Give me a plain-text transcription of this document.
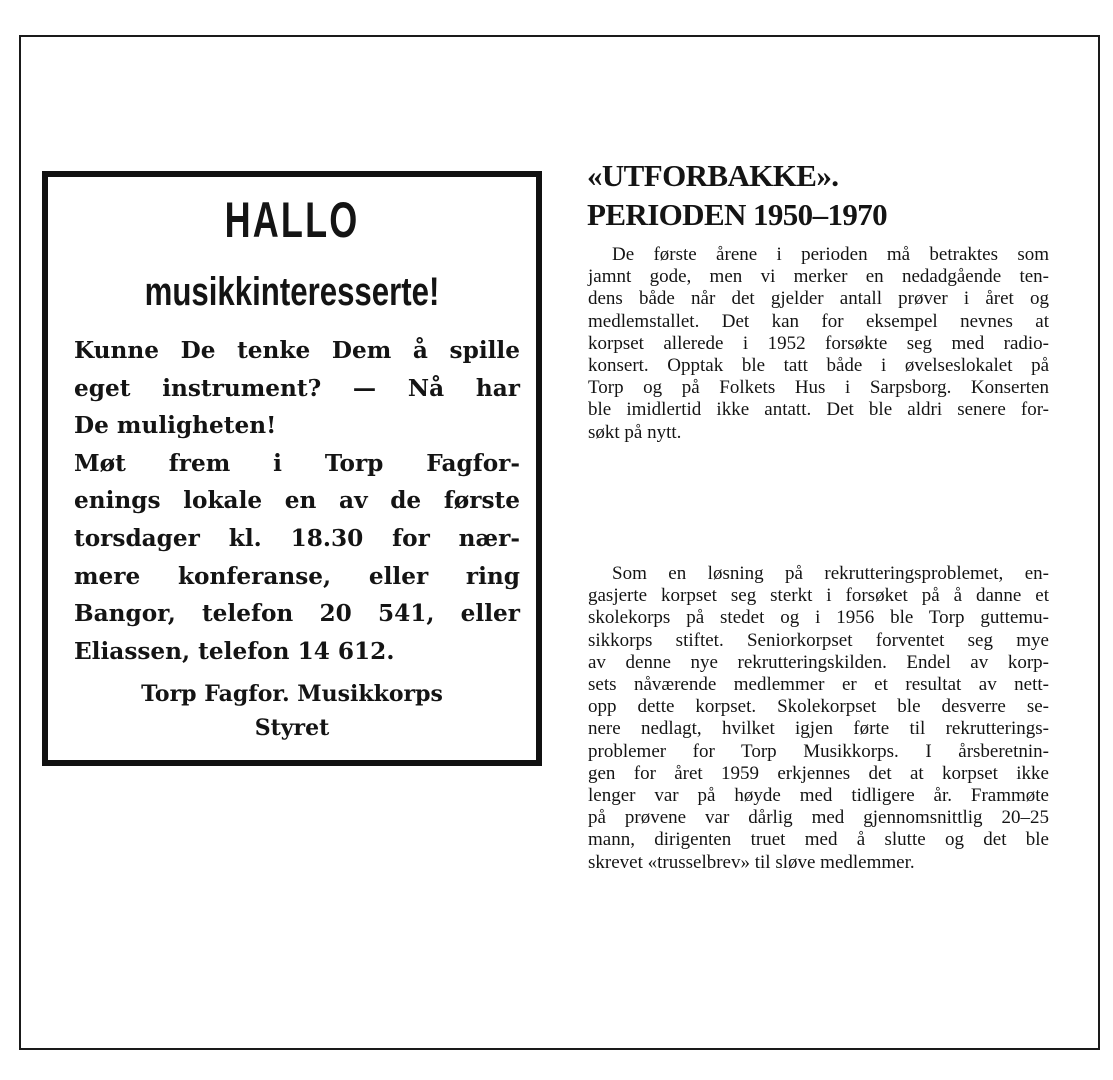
HALLO
musikkinteresserte!
Kunne De tenke Dem å spille
eget instrument? — Nå har
De muligheten!
Møt frem i Torp Fagfor-
enings lokale en av de første
torsdager kl. 18.30 for nær-
mere konferanse, eller ring
Bangor, telefon 20 541, eller
Eliassen, telefon 14 612.
Torp Fagfor. Musikkorps
Styret
«UTFORBAKKE».
PERIODEN 1950–1970
De første årene i perioden må betraktes som
jamnt gode, men vi merker en nedadgående ten-
dens både når det gjelder antall prøver i året og
medlemstallet. Det kan for eksempel nevnes at
korpset allerede i 1952 forsøkte seg med radio-
konsert. Opptak ble tatt både i øvelseslokalet på
Torp og på Folkets Hus i Sarpsborg. Konserten
ble imidlertid ikke antatt. Det ble aldri senere for-
søkt på nytt.
Som en løsning på rekrutteringsproblemet, en-
gasjerte korpset seg sterkt i forsøket på å danne et
skolekorps på stedet og i 1956 ble Torp guttemu-
sikkorps stiftet. Seniorkorpset forventet seg mye
av denne nye rekrutteringskilden. Endel av korp-
sets nåværende medlemmer er et resultat av nett-
opp dette korpset. Skolekorpset ble desverre se-
nere nedlagt, hvilket igjen førte til rekrutterings-
problemer for Torp Musikkorps. I årsberetnin-
gen for året 1959 erkjennes det at korpset ikke
lenger var på høyde med tidligere år. Frammøte
på prøvene var dårlig med gjennomsnittlig 20–25
mann, dirigenten truet med å slutte og det ble
skrevet «trusselbrev» til sløve medlemmer.
